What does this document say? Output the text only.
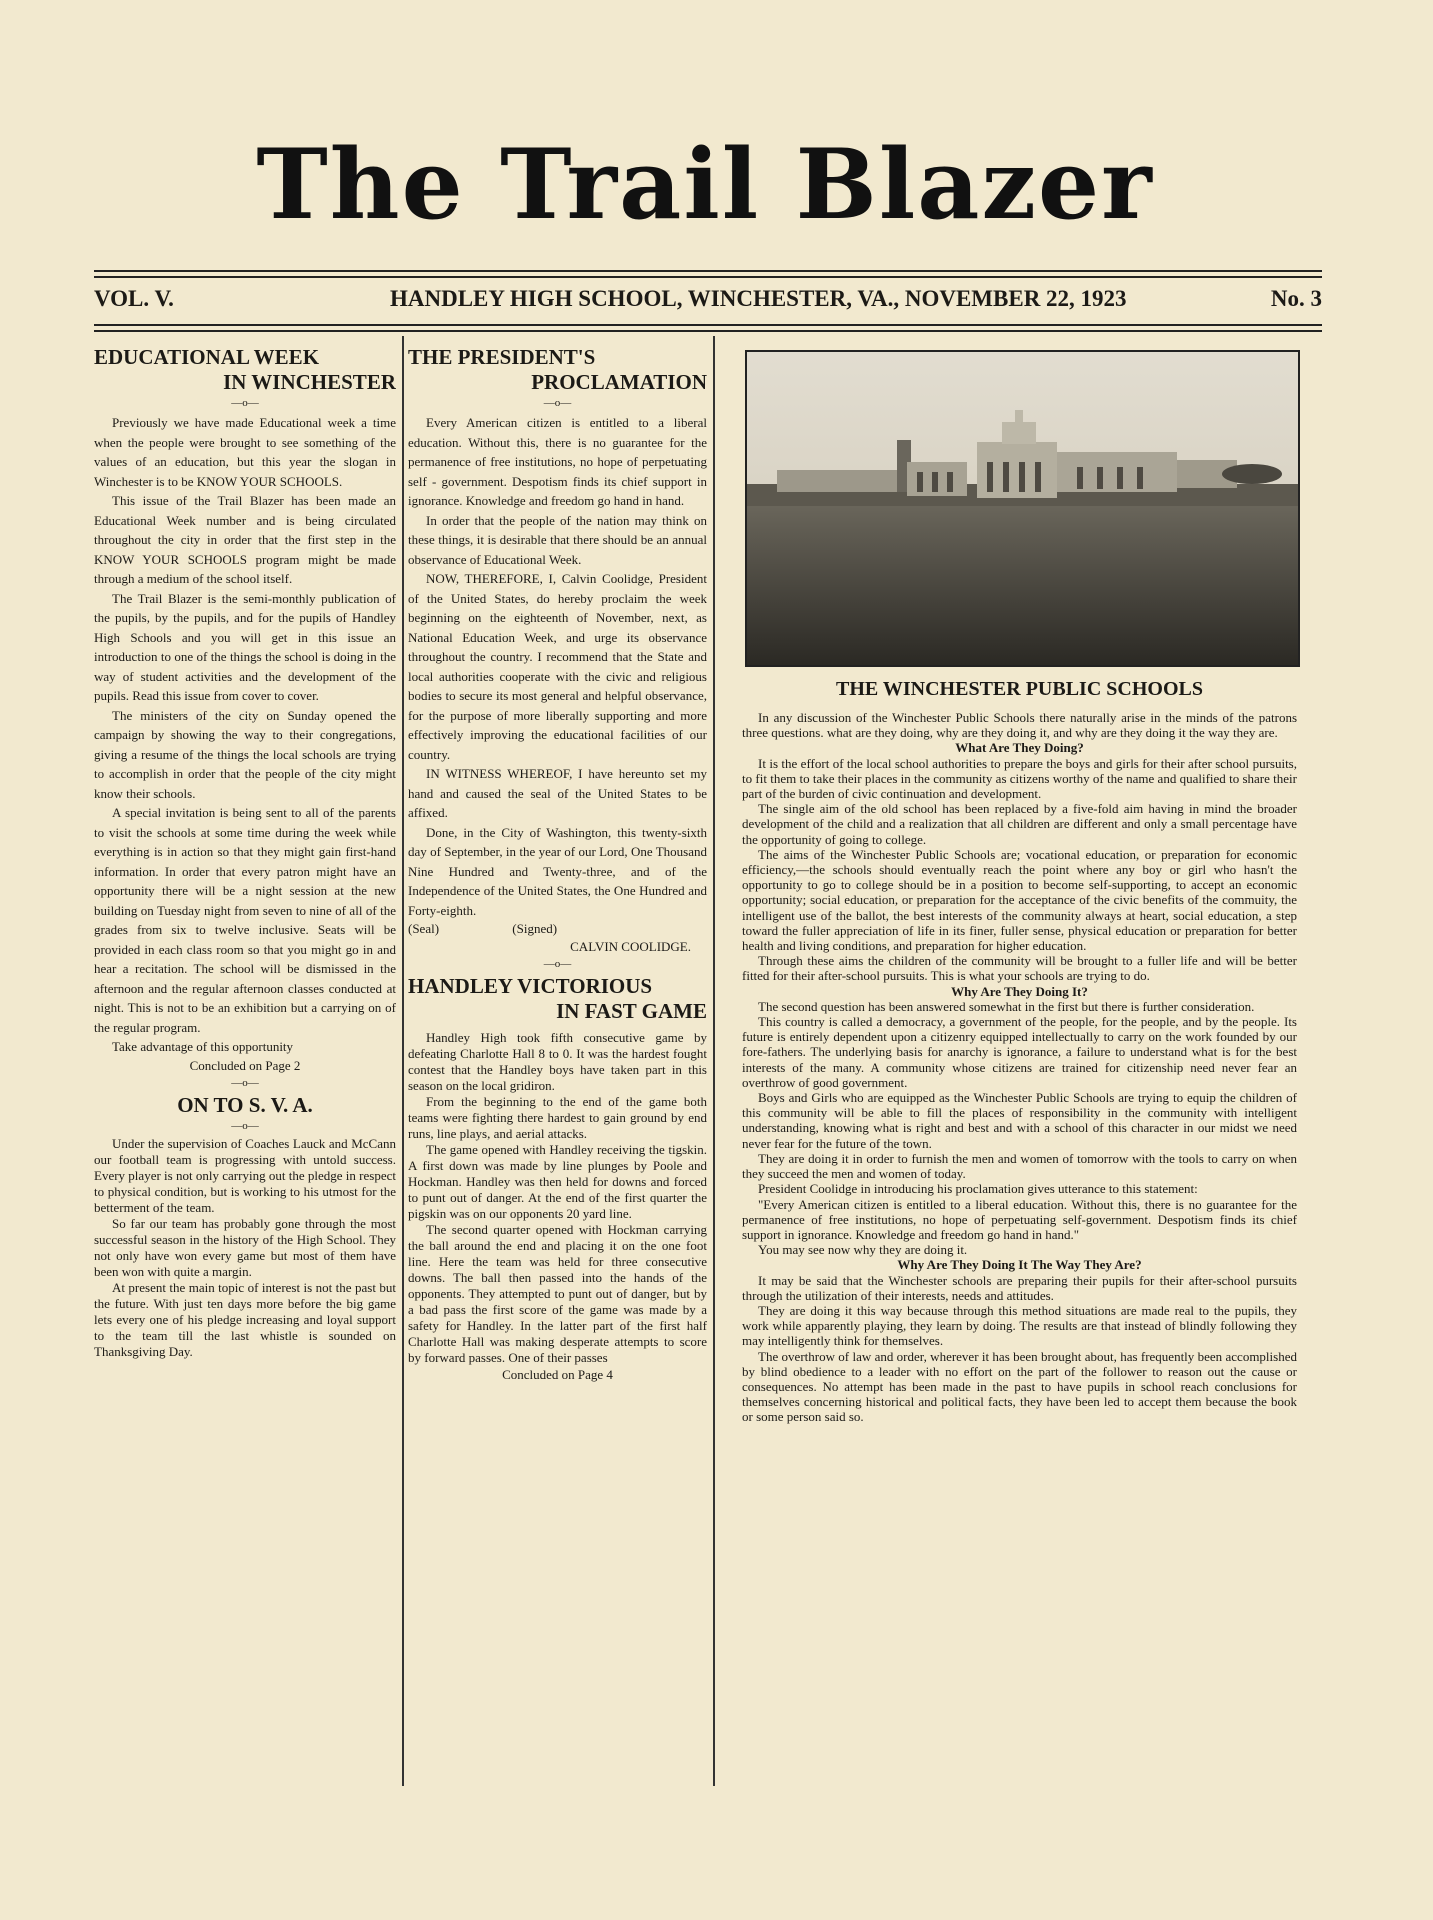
The Trail Blazer
VOL. V.	HANDLEY HIGH SCHOOL, WINCHESTER, VA., NOVEMBER 22, 1923	No. 3
EDUCATIONAL WEEK
IN WINCHESTER
—o—

Previously we have made Educational week a time when the people were brought to see something of the values of an education, but this year the slogan in Winchester is to be KNOW YOUR SCHOOLS.

This issue of the Trail Blazer has been made an Educational Week number and is being circulated throughout the city in order that the first step in the KNOW YOUR SCHOOLS program might be made through a medium of the school itself.

The Trail Blazer is the semi-monthly publication of the pupils, by the pupils, and for the pupils of Handley High Schools and you will get in this issue an introduction to one of the things the school is doing in the way of student activities and the development of the pupils. Read this issue from cover to cover.

The ministers of the city on Sunday opened the campaign by showing the way to their congregations, giving a resume of the things the local schools are trying to accomplish in order that the people of the city might know their schools.

A special invitation is being sent to all of the parents to visit the schools at some time during the week while everything is in action so that they might gain first-hand information. In order that every patron might have an opportunity there will be a night session at the new building on Tuesday night from seven to nine of all of the grades from six to twelve inclusive. Seats will be provided in each class room so that you might go in and hear a recitation. The school will be dismissed in the afternoon and the regular afternoon classes conducted at night. This is not to be an exhibition but a carrying on of the regular program.

Take advantage of this opportunity

Concluded on Page 2
—o—
ON TO S. V. A.
—o—

Under the supervision of Coaches Lauck and McCann our football team is progressing with untold success. Every player is not only carrying out the pledge in respect to physical condition, but is working to his utmost for the betterment of the team.

So far our team has probably gone through the most successful season in the history of the High School. They not only have won every game but most of them have been won with quite a margin.

At present the main topic of interest is not the past but the future. With just ten days more before the big game lets every one of his pledge increasing and loyal support to the team till the last whistle is sounded on Thanksgiving Day.

THE PRESIDENT'S
PROCLAMATION
—o—

Every American citizen is entitled to a liberal education. Without this, there is no guarantee for the permanence of free institutions, no hope of perpetuating self - government. Despotism finds its chief support in ignorance. Knowledge and freedom go hand in hand.

In order that the people of the nation may think on these things, it is desirable that there should be an annual observance of Educational Week.

NOW, THEREFORE, I, Calvin Coolidge, President of the United States, do hereby proclaim the week beginning on the eighteenth of November, next, as National Education Week, and urge its observance throughout the country. I recommend that the State and local authorities cooperate with the civic and religious bodies to secure its most general and helpful observance, for the purpose of more liberally supporting and more effectively improving the educational facilities of our country.

IN WITNESS WHEREOF, I have hereunto set my hand and caused the seal of the United States to be affixed.

Done, in the City of Washington, this twenty-sixth day of September, in the year of our Lord, One Thousand Nine Hundred and Twenty-three, and of the Independence of the United States, the One Hundred and Forty-eighth.

(Seal)	(Signed)
CALVIN COOLIDGE.
—o—
HANDLEY VICTORIOUS
IN FAST GAME

Handley High took fifth consecutive game by defeating Charlotte Hall 8 to 0. It was the hardest fought contest that the Handley boys have taken part in this season on the local gridiron.

From the beginning to the end of the game both teams were fighting there hardest to gain ground by end runs, line plays, and aerial attacks.

The game opened with Handley receiving the tigskin. A first down was made by line plunges by Poole and Hockman. Handley was then held for downs and forced to punt out of danger. At the end of the first quarter the pigskin was on our opponents 20 yard line.

The second quarter opened with Hockman carrying the ball around the end and placing it on the one foot line. Here the team was held for three consecutive downs. The ball then passed into the hands of the opponents. They attempted to punt out of danger, but by a bad pass the first score of the game was made by a safety for Handley. In the latter part of the first half Charlotte Hall was making desperate attempts to score by forward passes. One of their passes

Concluded on Page 4
THE WINCHESTER PUBLIC SCHOOLS

In any discussion of the Winchester Public Schools there naturally arise in the minds of the patrons three questions. what are they doing, why are they doing it, and why are they doing it the way they are.

What Are They Doing?

It is the effort of the local school authorities to prepare the boys and girls for their after school pursuits, to fit them to take their places in the community as citizens worthy of the name and qualified to share their part of the burden of civic continuation and development.

The single aim of the old school has been replaced by a five-fold aim having in mind the broader development of the child and a realization that all children are different and only a small percentage have the opportunity of going to college.

The aims of the Winchester Public Schools are; vocational education, or preparation for economic efficiency,—the schools should eventually reach the point where any boy or girl who hasn't the opportunity to go to college should be in a position to become self-supporting, to accept an economic opportunity; social education, or preparation for the acceptance of the civic benefits of the commuity, the intelligent use of the ballot, the best interests of the community always at heart, social education, a step toward the fuller appreciation of life in its finer, fuller sense, physical education or preparation for better health and living conditions, and preparation for higher education.

Through these aims the children of the community will be brought to a fuller life and will be better fitted for their after-school pursuits. This is what your schools are trying to do.

Why Are They Doing It?

The second question has been answered somewhat in the first but there is further consideration.

This country is called a democracy, a government of the people, for the people, and by the people. Its future is entirely dependent upon a citizenry equipped intellectually to carry on the work founded by our fore-fathers. The underlying basis for anarchy is ignorance, a failure to understand what is for the best interests of the many. A community whose citizens are trained for citizenship need never fear an overthrow of good government.

Boys and Girls who are equipped as the Winchester Public Schools are trying to equip the children of this community will be able to fill the places of responsibility in the community with intelligent understanding, knowing what is right and best and with a school of this character in our midst we need never fear for the future of the town.

They are doing it in order to furnish the men and women of tomorrow with the tools to carry on when they succeed the men and women of today.

President Coolidge in introducing his proclamation gives utterance to this statement:

"Every American citizen is entitled to a liberal education. Without this, there is no guarantee for the permanence of free institutions, no hope of perpetuating self-government. Despotism finds its chief support in ignorance. Knowledge and freedom go hand in hand."

You may see now why they are doing it.

Why Are They Doing It The Way They Are?

It may be said that the Winchester schools are preparing their pupils for their after-school pursuits through the utilization of their interests, needs and attitudes.

They are doing it this way because through this method situations are made real to the pupils, they work while apparently playing, they learn by doing. The results are that instead of blindly following they may intelligently think for themselves.

The overthrow of law and order, wherever it has been brought about, has frequently been accomplished by blind obedience to a leader with no effort on the part of the follower to reason out the cause or consequences. No attempt has been made in the past to have pupils in school reach conclusions for themselves concerning historical and political facts, they have been led to accept them because the book or some person said so.
